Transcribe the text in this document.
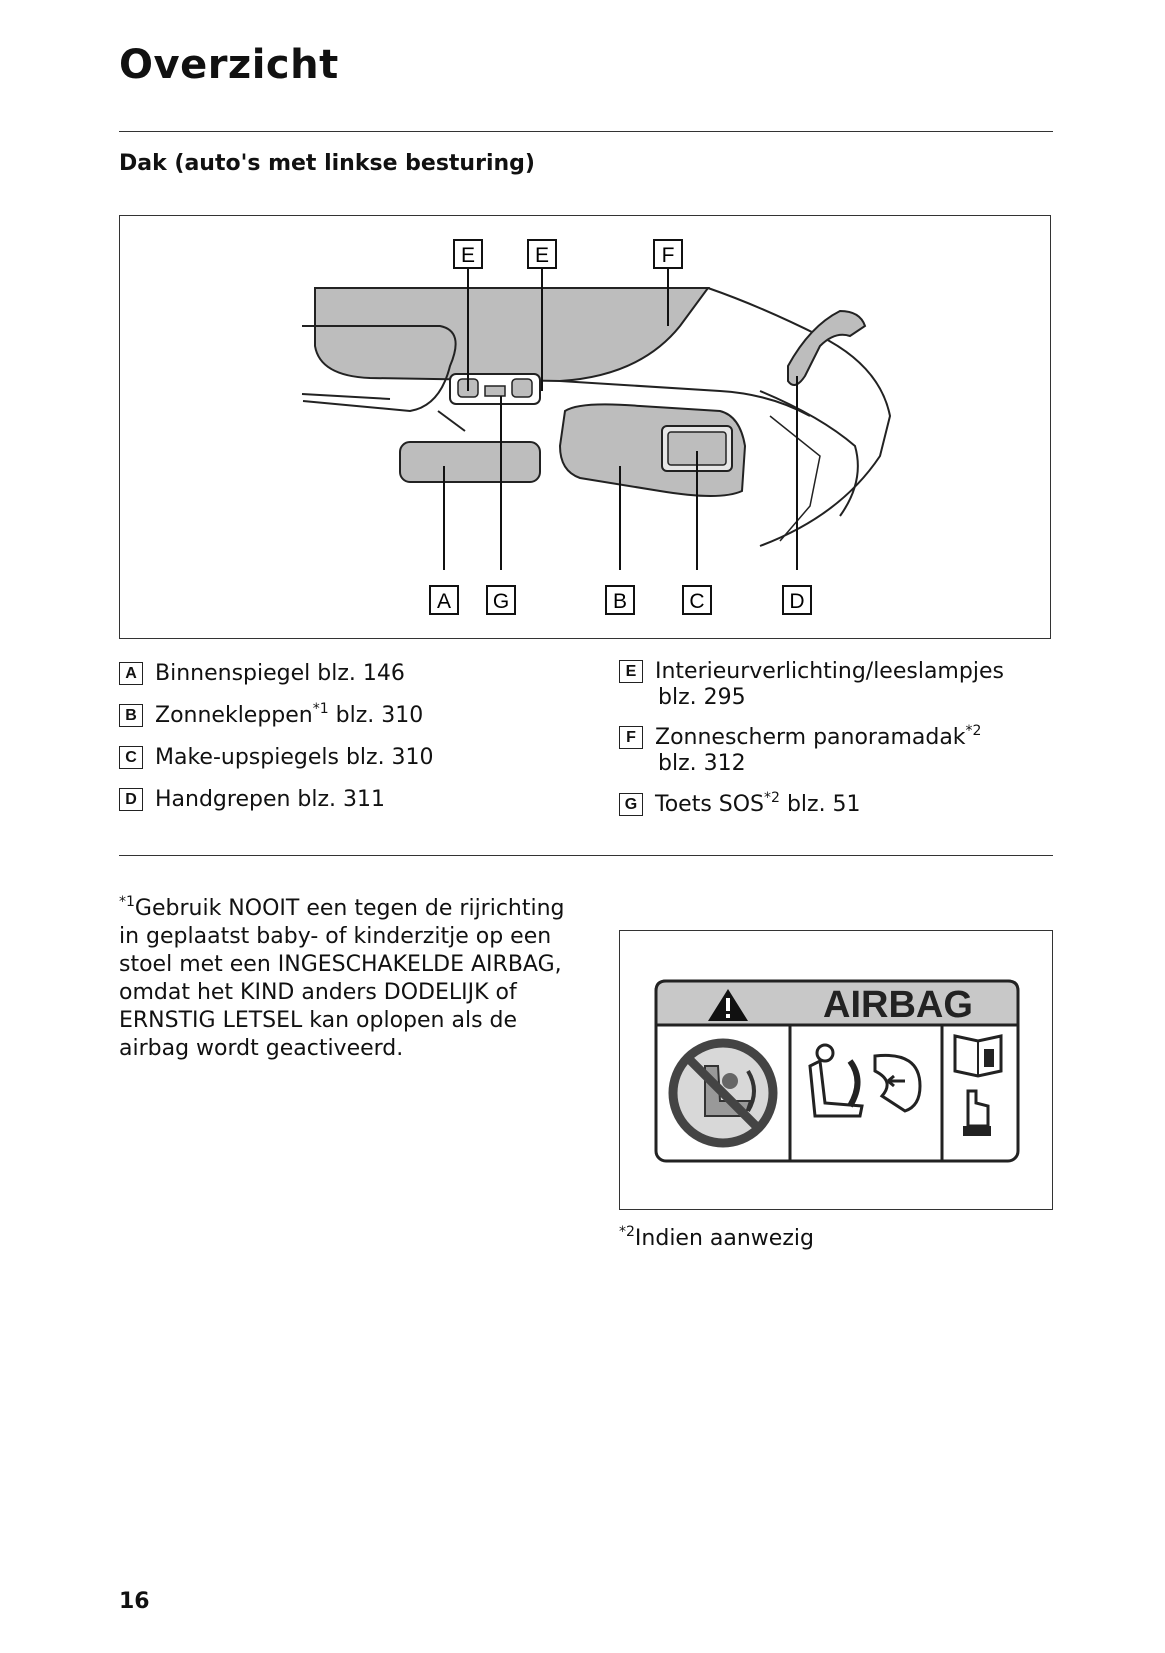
Overzicht
Dak (auto's met linkse besturing)
E	E	F
A G	B	C	D
A Binnenspiegel blz. 146
B Zonnekleppen$^{*1}$ blz. 310
C Make-upspiegels blz. 310
D Handgrepen blz. 311
E Interieurverlichting/leeslampjes
blz. 295
F Zonnescherm panoramadak$^{*2}$
blz. 312
G Toets SOS$^{*2}$ blz. 51
$^{*1}$Gebruik NOOIT een tegen de rijrichting
in geplaatst baby- of kinderzitje op een
stoel met een INGESCHAKELDE AIRBAG,
omdat het KIND anders DODELIJK of
ERNSTIG LETSEL kan oplopen als de
airbag wordt geactiveerd.
AIRBAG
$^{*2}$Indien aanwezig
16
